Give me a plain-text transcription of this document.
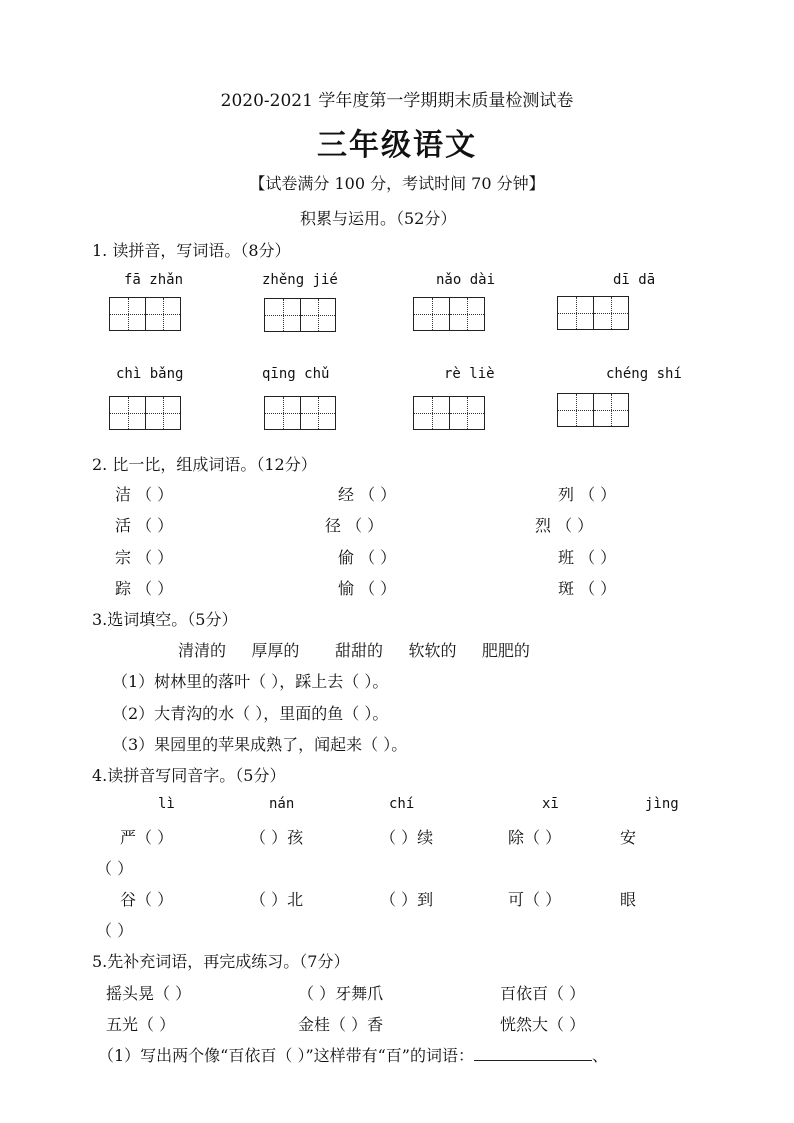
2020-2021 学年度第一学期期末质量检测试卷
三年级语文
【试卷满分 100 分，考试时间 70 分钟】
积累与运用。（52分）
1. 读拼音，写词语。（8分）
fā zhǎn	zhěng jié	nǎo dài	dī dā
chì bǎng	qīng chǔ	rè liè	chéng shí
2. 比一比，组成词语。（12分）
洁 （ ）	经 （ ）	列 （ ）
活 （ ）	径 （ ）	烈 （ ）
宗 （ ）	偷 （ ）	班 （ ）
踪 （ ）	愉 （ ）	斑 （ ）
3.选词填空。（5分）
清清的     厚厚的       甜甜的     软软的     肥肥的
（1）树林里的落叶（ ），踩上去（ ）。
（2）大青沟的水（ ），里面的鱼（ ）。
（3）果园里的苹果成熟了，闻起来（ ）。
4.读拼音写同音字。（5分）
lì	nán	chí	xī	jìng
严（ ）	（ ）孩	（ ）续	除（ ）	安
（ ）
谷（ ）	（ ）北	（ ）到	可（ ）	眼
（ ）
5.先补充词语，再完成练习。（7分）
摇头晃（ ）	（ ）牙舞爪	百依百（ ）
五光（ ）	金桂（ ）香	恍然大（ ）
（1）写出两个像“百依百（ ）”这样带有“百”的词语：	、
